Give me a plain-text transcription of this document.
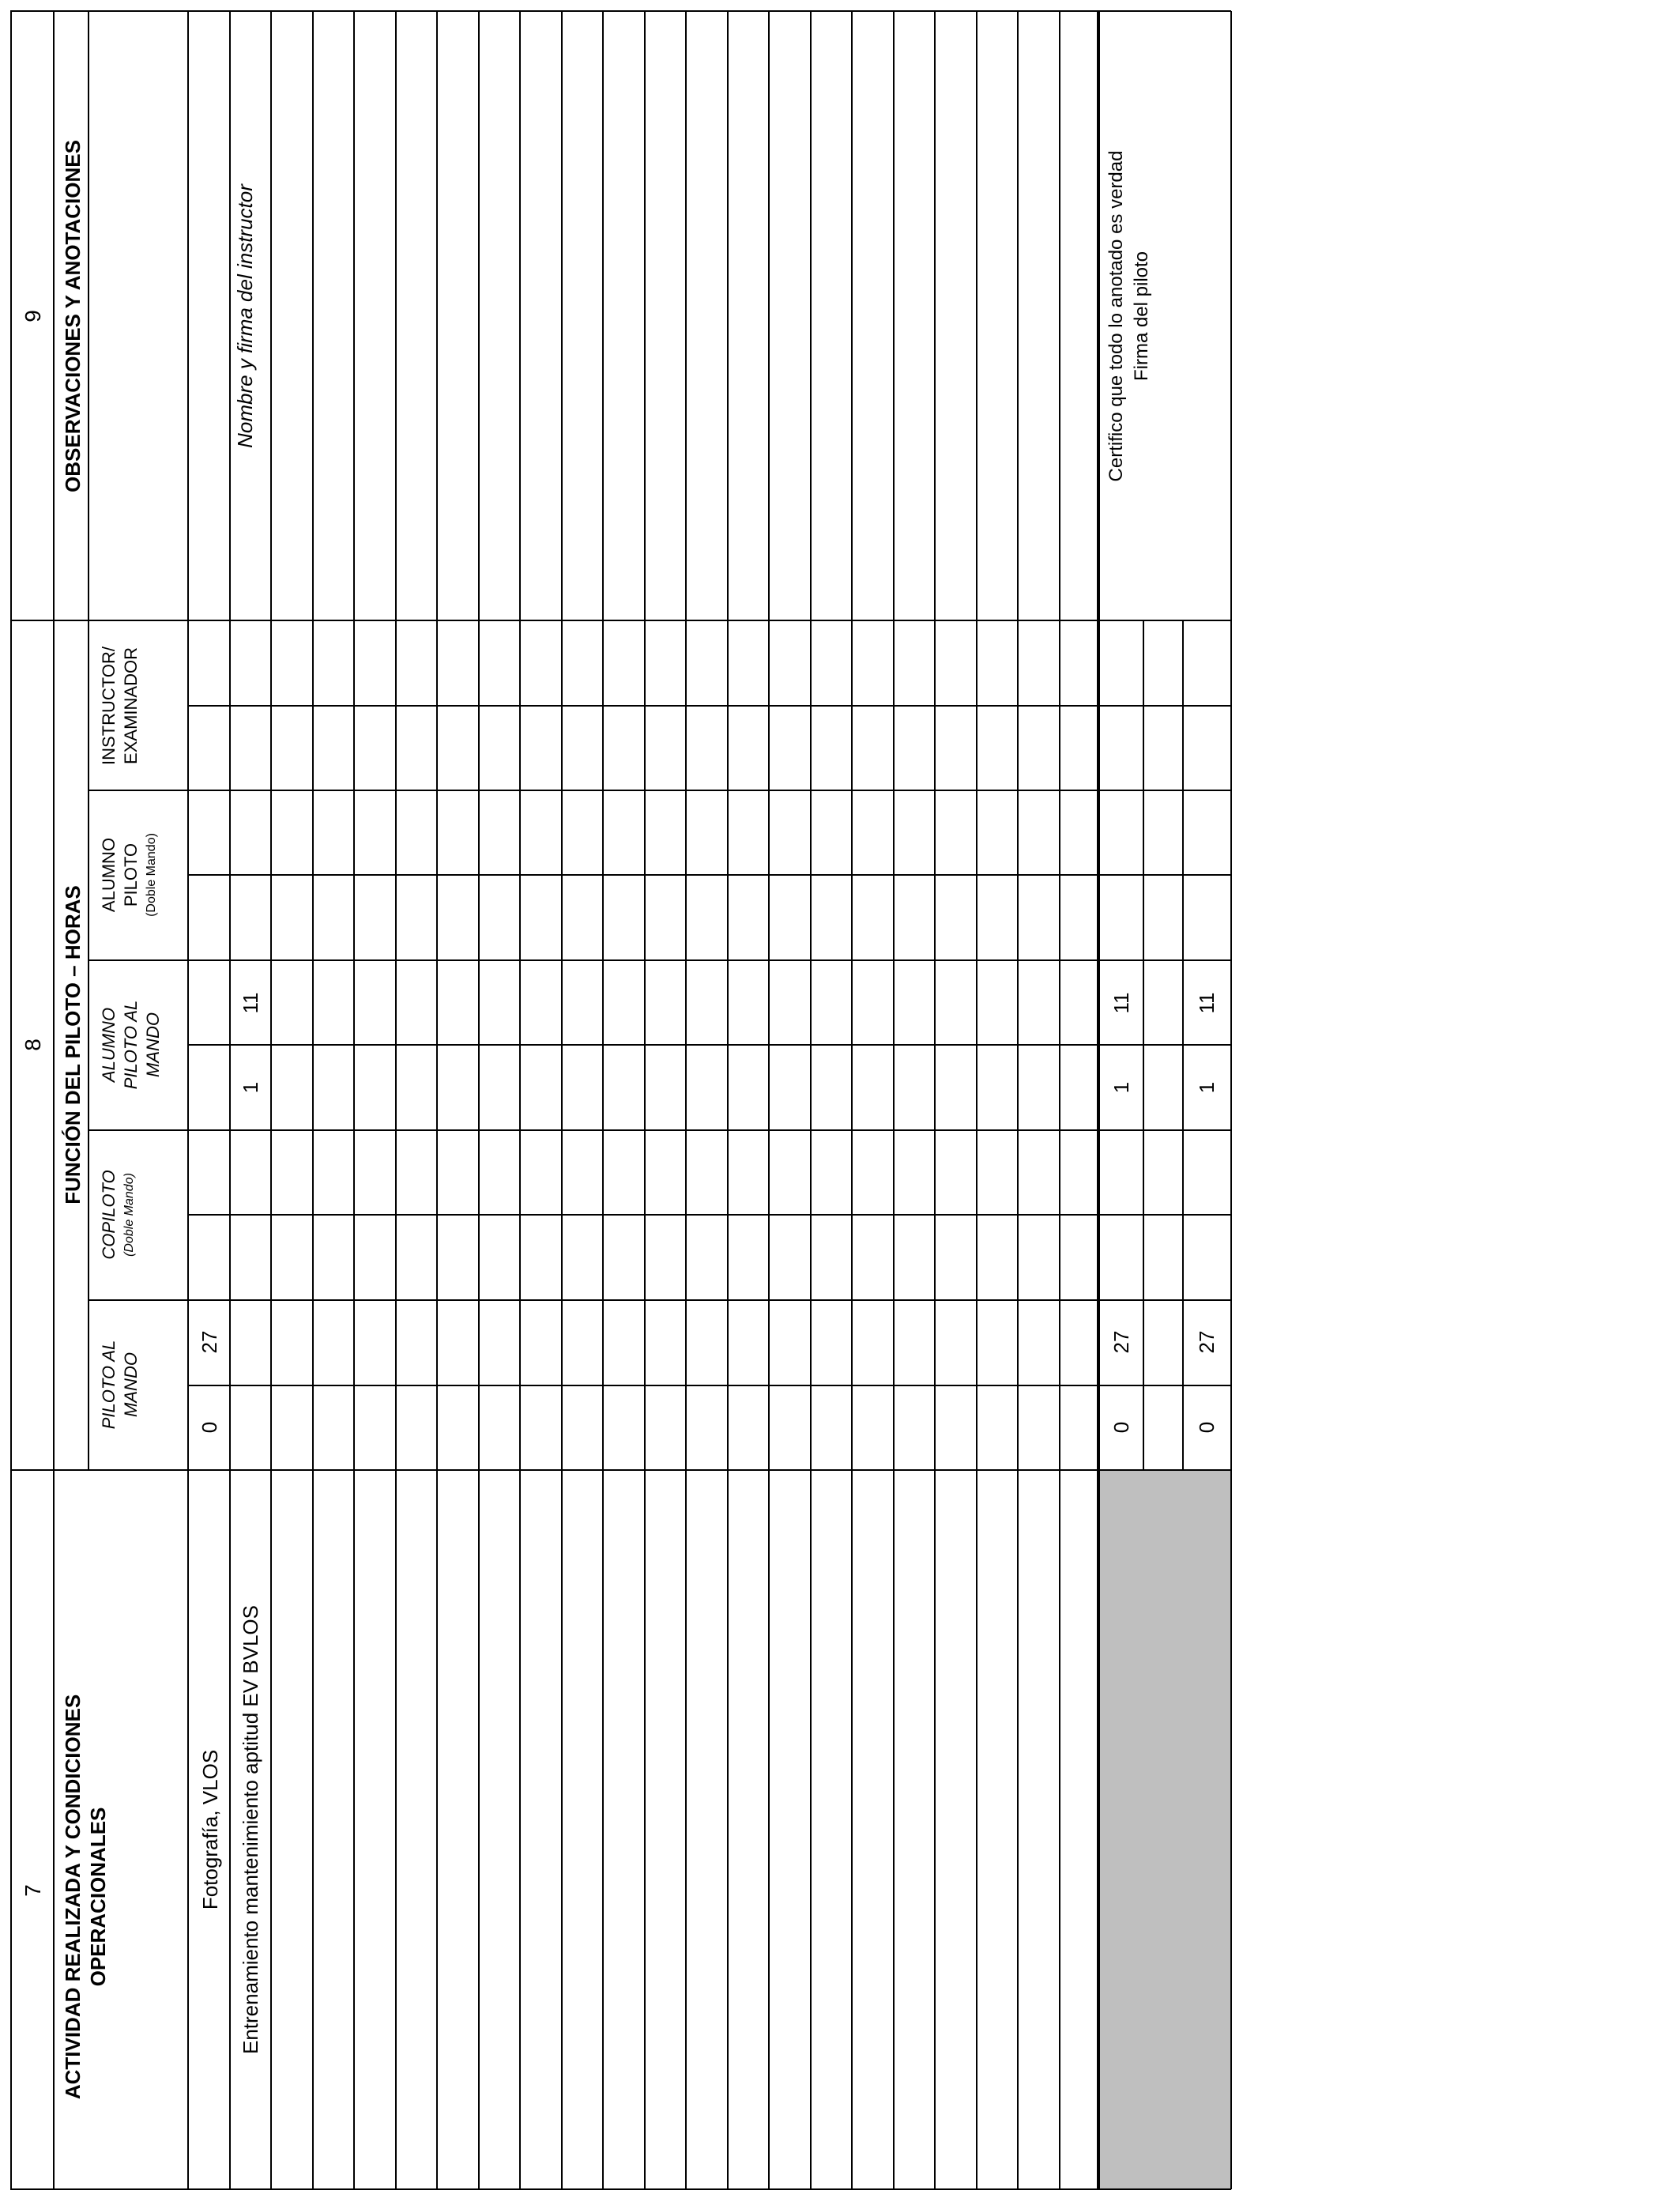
7
8
9
ACTIVIDAD REALIZADA Y CONDICIONES OPERACIONALES
FUNCIÓN DEL PILOTO – HORAS
OBSERVACIONES Y ANOTACIONES
PILOTO AL MANDO
COPILOTO (Doble Mando)
ALUMNO PILOTO AL MANDO
ALUMNO PILOTO (Doble Mando)
INSTRUCTOR/ EXAMINADOR
Fotografía, VLOS
0
27
Entrenamiento mantenimiento aptitud EV BVLOS
1
11
Nombre y firma del instructor
0
27
1
11
0
27
1
11
Certifico que todo lo anotado es verdad Firma del piloto
